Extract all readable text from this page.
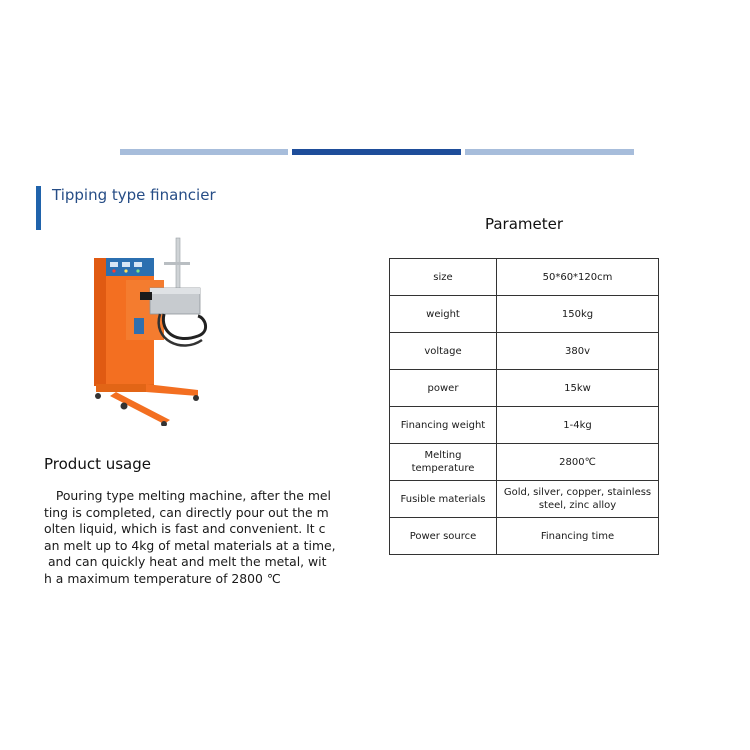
Tipping type financier
Product usage
Pouring type melting machine, after the mel
ting is completed, can directly pour out the m
olten liquid, which is fast and convenient. It c
an melt up to 4kg of metal materials at a time,
and can quickly heat and melt the metal, wit
h a maximum temperature of 2800 ℃
Parameter
size	50*60*120cm
weight	150kg
voltage	380v
power	15kw
Financing weight	1-4kg
Melting temperature	2800℃
Fusible materials	Gold, silver, copper, stainless steel, zinc alloy
Power source	Financing time
